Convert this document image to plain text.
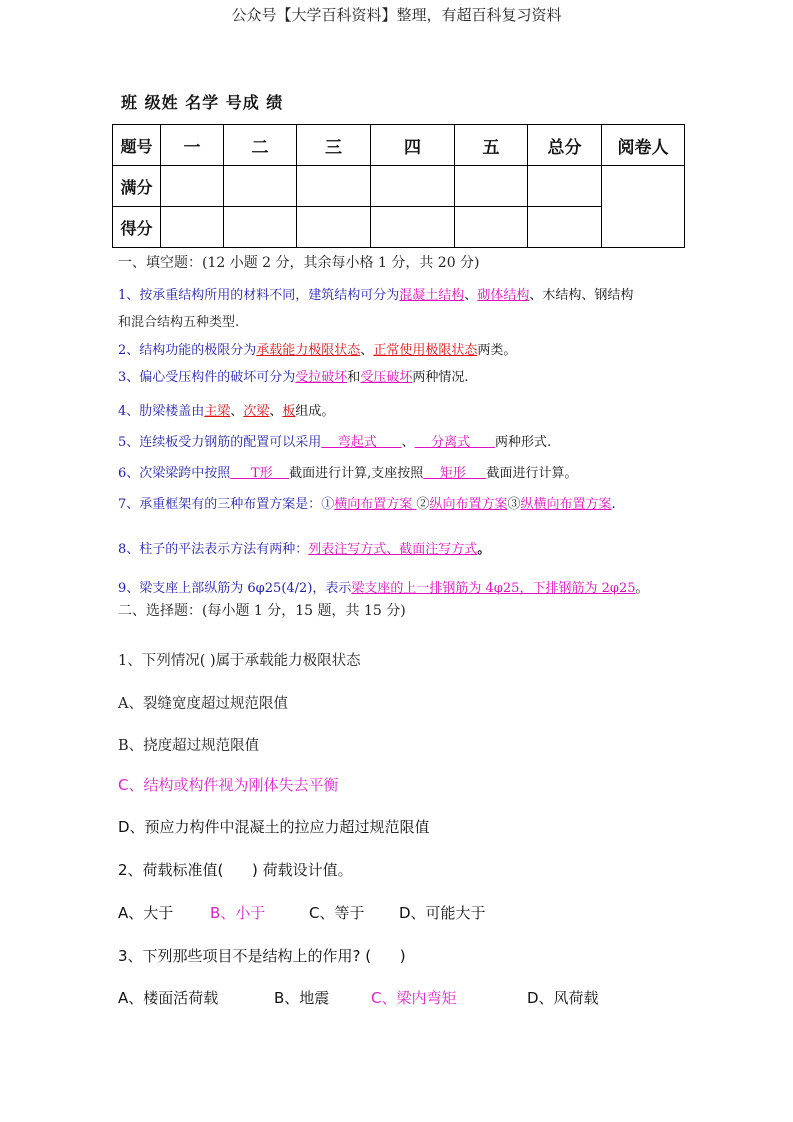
公众号【大学百科资料】整理，有超百科复习资料
班 级姓 名学 号成 绩
题号	一	二	三	四	五	总分	阅卷人
满分							
得分							
一、填空题：(12 小题 2 分，其余每小格 1 分，共 20 分)
1、按承重结构所用的材料不同，建筑结构可分为混凝土结构、砌体结构、木结构、钢结构
和混合结构五种类型.
2、结构功能的极限分为承载能力极限状态、正常使用极限状态两类。
3、偏心受压构件的破坏可分为受拉破坏和受压破坏两种情况.
4、肋梁楼盖由主梁、次梁、板组成。
5、连续板受力钢筋的配置可以采用    弯起式      、    分离式      两种形式.
6、次梁梁跨中按照     T形    截面进行计算,支座按照    矩形     截面进行计算。
7、承重框架有的三种布置方案是：①横向布置方案 ②纵向布置方案③纵横向布置方案.
8、柱子的平法表示方法有两种：列表注写方式、截面注写方式。
9、梁支座上部纵筋为 6φ25(4/2)，表示梁支座的上一排钢筋为 4φ25，下排钢筋为 2φ25。
二、选择题：(每小题 1 分，15 题，共 15 分)
1、下列情况( )属于承载能力极限状态
A、裂缝宽度超过规范限值
B、挠度超过规范限值
C、结构或构件视为刚体失去平衡
D、预应力构件中混凝土的拉应力超过规范限值
2、荷载标准值(      ) 荷载设计值。
A、大于 B、小于	C、等于 D、可能大于
3、下列那些项目不是结构上的作用? (      )
A、楼面活荷载	B、地震	C、梁内弯矩	D、风荷载
